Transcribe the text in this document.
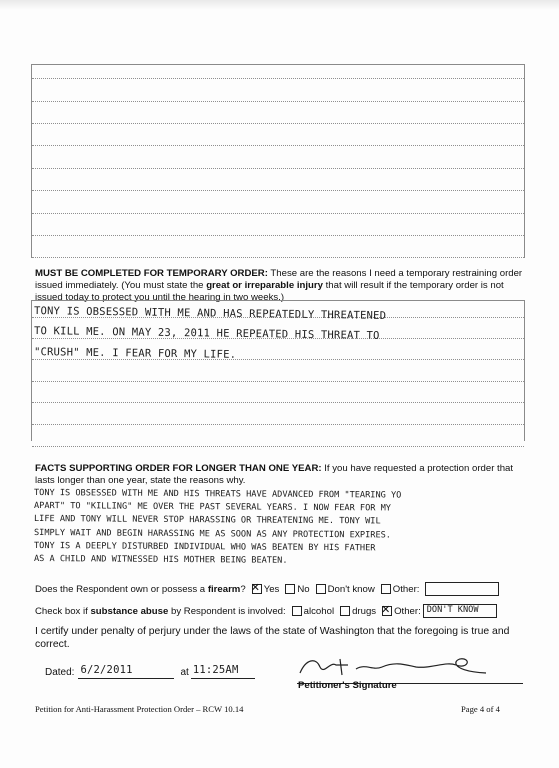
MUST BE COMPLETED FOR TEMPORARY ORDER: These are the reasons I need a temporary restraining order issued immediately. (You must state the great or irreparable injury that will result if the temporary order is not issued today to protect you until the hearing in two weeks.)
TONY IS OBSESSED WITH ME AND HAS REPEATEDLY THREATENED
TO KILL ME. ON MAY 23, 2011 HE REPEATED HIS THREAT TO
"CRUSH" ME. I FEAR FOR MY LIFE.
FACTS SUPPORTING ORDER FOR LONGER THAN ONE YEAR: If you have requested a protection order that lasts longer than one year, state the reasons why.
TONY IS OBSESSED WITH ME AND HIS THREATS HAVE ADVANCED FROM "TEARING YO
APART" TO "KILLING" ME OVER THE PAST SEVERAL YEARS. I NOW FEAR FOR MY
LIFE AND TONY WILL NEVER STOP HARASSING OR THREATENING ME. TONY WIL
SIMPLY WAIT AND BEGIN HARASSING ME AS SOON AS ANY PROTECTION EXPIRES.
TONY IS A DEEPLY DISTURBED INDIVIDUAL WHO WAS BEATEN BY HIS FATHER
AS A CHILD AND WITNESSED HIS MOTHER BEING BEATEN.
Does the Respondent own or possess a
firearm ? ✕ Yes No Don't know Other:
Check box if
substance abuse
by Respondent is involved: alcohol drugs ✕ Other: DON'T KNOW
I certify under penalty of perjury under the laws of the state of Washington that the foregoing is true and correct.
Dated: 6/2/2011	at 11:25AM
Petitioner's Signature
Petition for Anti-Harassment Protection Order – RCW 10.14	Page 4 of 4
